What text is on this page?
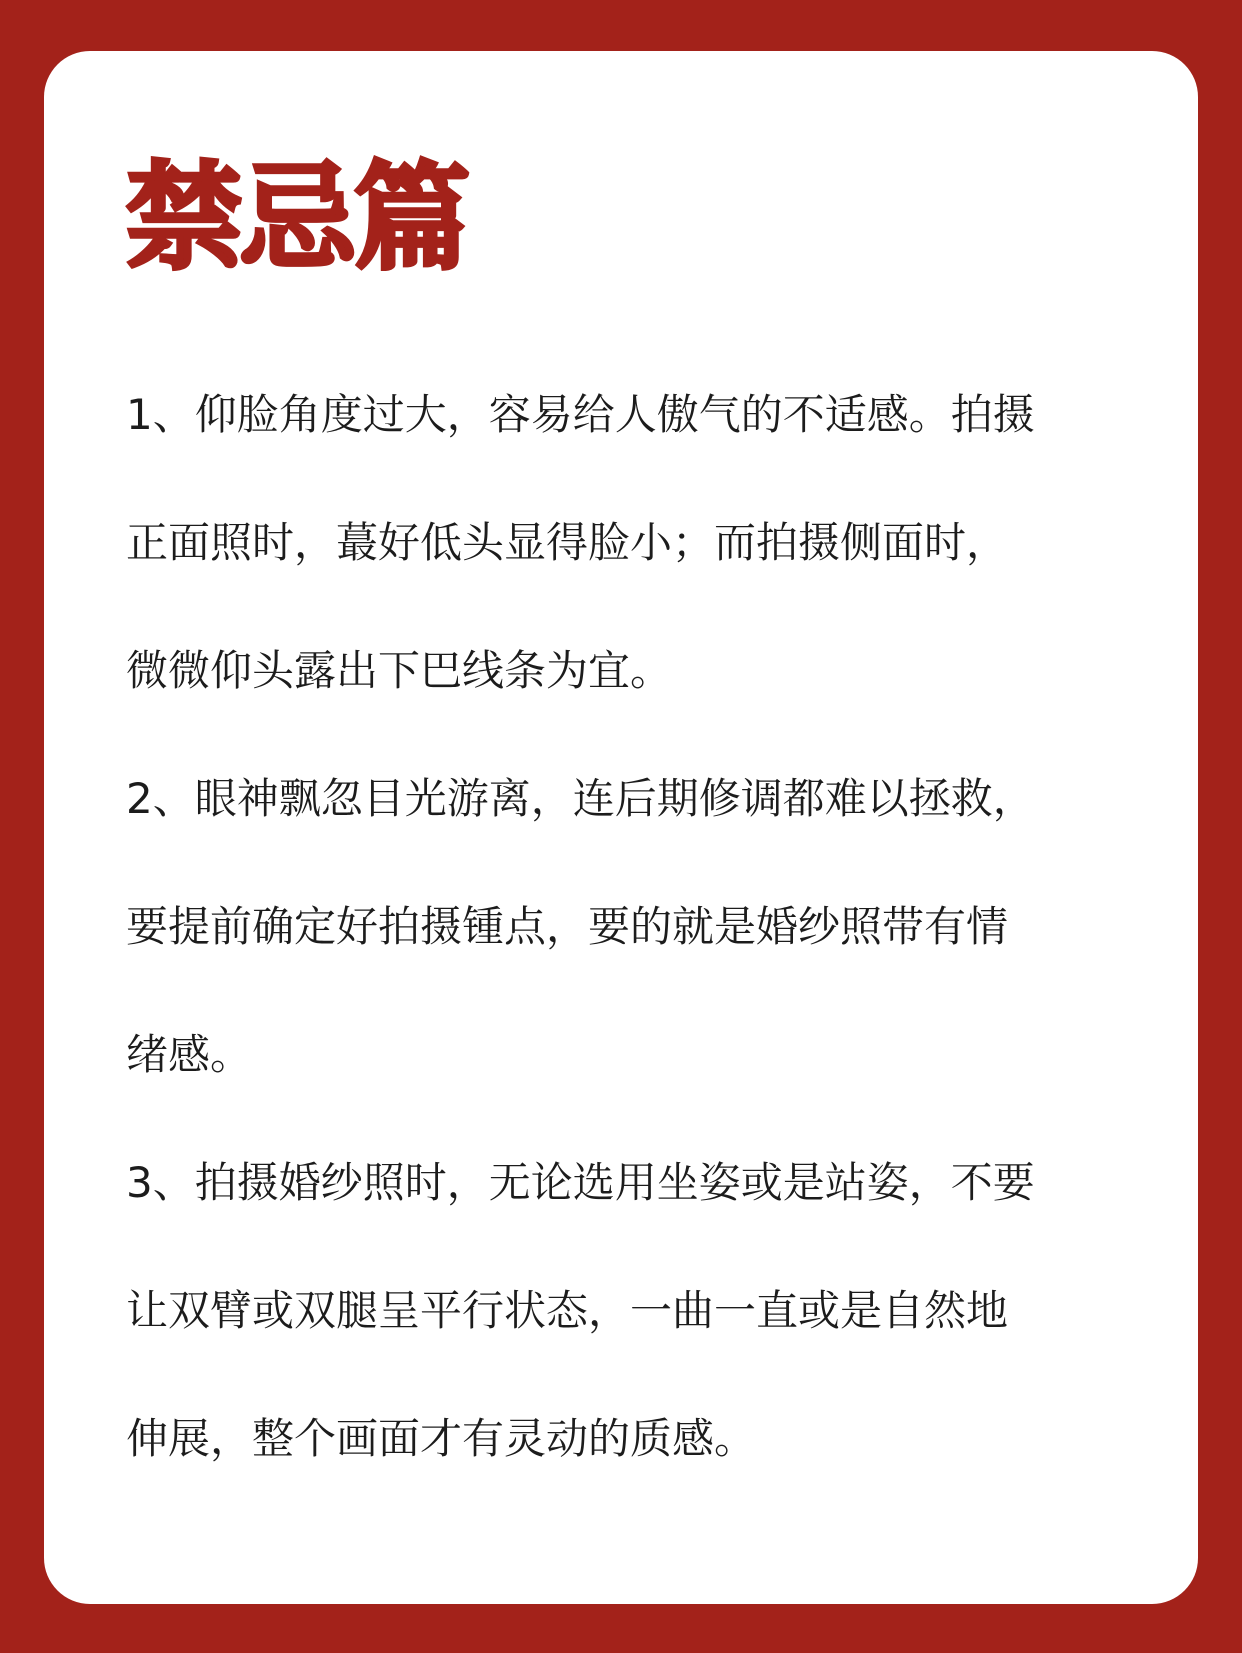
禁忌篇

1、仰脸角度过大，容易给人傲气的不适感。拍摄
正面照时，蕞好低头显得脸小；而拍摄侧面时，
微微仰头露出下巴线条为宜。

2、眼神飘忽目光游离，连后期修调都难以拯救，
要提前确定好拍摄锺点，要的就是婚纱照带有情
绪感。

3、拍摄婚纱照时，无论选用坐姿或是站姿，不要
让双臂或双腿呈平行状态，一曲一直或是自然地
伸展，整个画面才有灵动的质感。
